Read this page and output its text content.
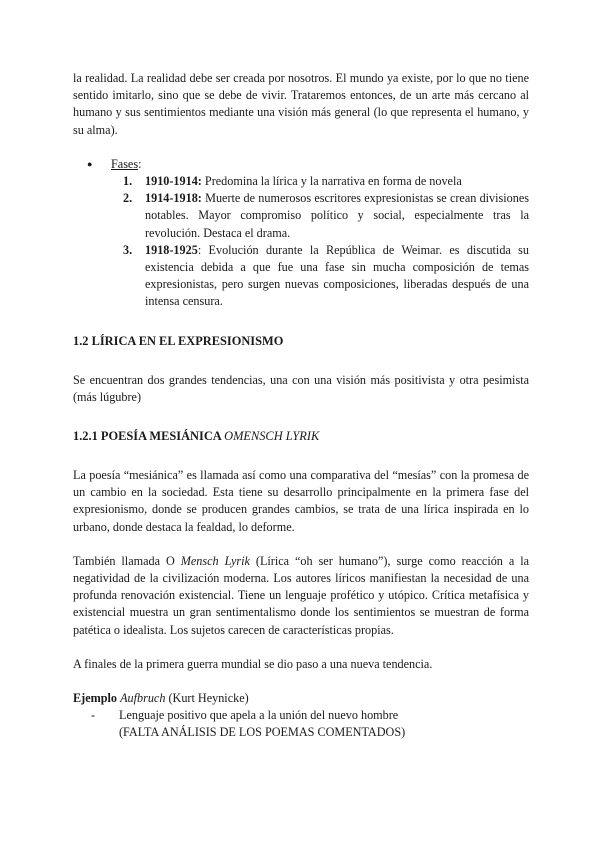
la realidad. La realidad debe ser creada por nosotros. El mundo ya existe, por lo que no tiene sentido imitarlo, sino que se debe de vivir. Trataremos entonces, de un arte más cercano al humano y sus sentimientos mediante una visión más general (lo que representa el humano, y su alma).

●	Fases:
1.	1910-1914: Predomina la lírica y la narrativa en forma de novela
2.	1914-1918: Muerte de numerosos escritores expresionistas se crean divisiones notables. Mayor compromiso político y social, especialmente tras la revolución. Destaca el drama.
3.	1918-1925: Evolución durante la República de Weimar. es discutida su existencia debida a que fue una fase sin mucha composición de temas expresionistas, pero surgen nuevas composiciones, liberadas después de una intensa censura.
1.2 LÍRICA EN EL EXPRESIONISMO

Se encuentran dos grandes tendencias, una con una visión más positivista y otra pesimista (más lúgubre)

1.2.1 POESÍA MESIÁNICA OMENSCH LYRIK

La poesía “mesiánica” es llamada así como una comparativa del “mesías” con la promesa de un cambio en la sociedad. Esta tiene su desarrollo principalmente en la primera fase del expresionismo, donde se producen grandes cambios, se trata de una lírica inspirada en lo urbano, donde destaca la fealdad, lo deforme.

También llamada O Mensch Lyrik (Lírica “oh ser humano”), surge como reacción a la negatividad de la civilización moderna. Los autores líricos manifiestan la necesidad de una profunda renovación existencial. Tiene un lenguaje profético y utópico. Crítica metafísica y existencial muestra un gran sentimentalismo donde los sentimientos se muestran de forma patética o idealista. Los sujetos carecen de características propias.

A finales de la primera guerra mundial se dio paso a una nueva tendencia.

Ejemplo Aufbruch (Kurt Heynicke)
-	Lenguaje positivo que apela a la unión del nuevo hombre
(FALTA ANÁLISIS DE LOS POEMAS COMENTADOS)
